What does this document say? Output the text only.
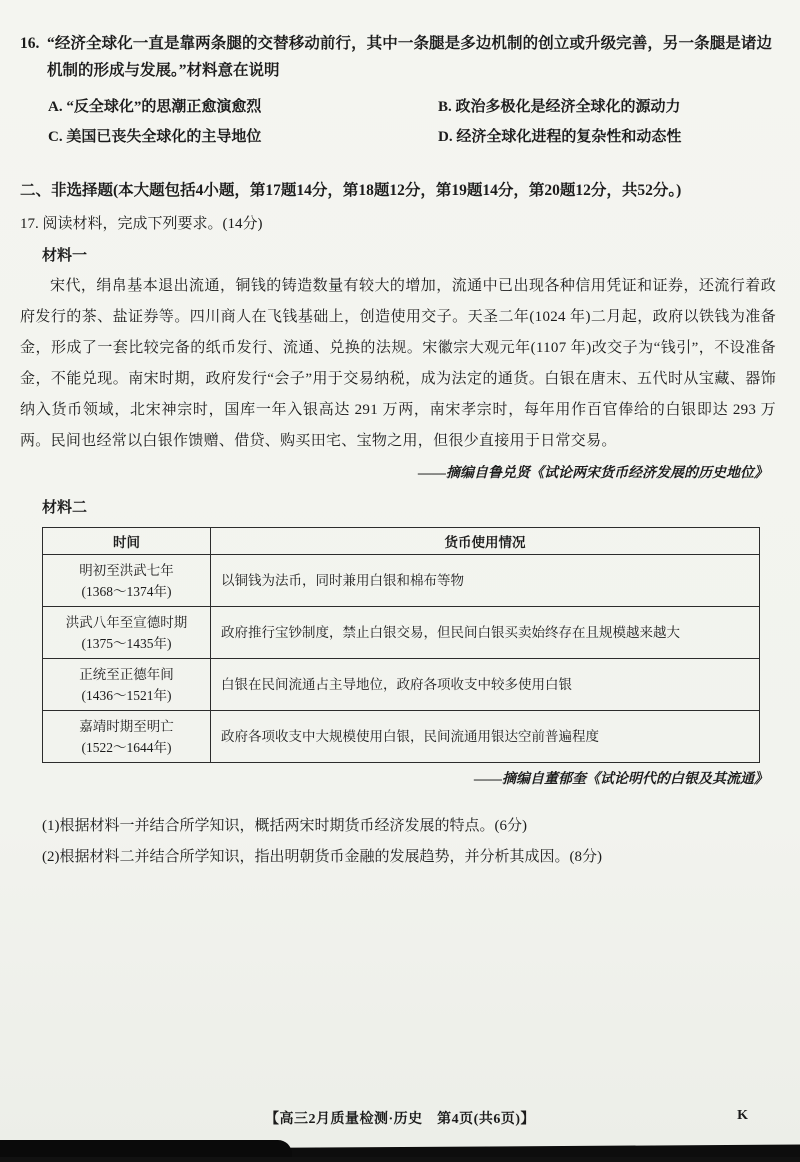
16. “经济全球化一直是靠两条腿的交替移动前行，其中一条腿是多边机制的创立或升级完善，另一条腿是诸边机制的形成与发展。”材料意在说明
A. “反全球化”的思潮正愈演愈烈	B. 政治多极化是经济全球化的源动力
C. 美国已丧失全球化的主导地位	D. 经济全球化进程的复杂性和动态性
二、非选择题(本大题包括4小题，第17题14分，第18题12分，第19题14分，第20题12分，共52分。)
17. 阅读材料，完成下列要求。(14分)
材料一
宋代，绢帛基本退出流通，铜钱的铸造数量有较大的增加，流通中已出现各种信用凭证和证券，还流行着政府发行的茶、盐证券等。四川商人在飞钱基础上，创造使用交子。天圣二年(1024 年)二月起，政府以铁钱为准备金，形成了一套比较完备的纸币发行、流通、兑换的法规。宋徽宗大观元年(1107 年)改交子为“钱引”，不设准备金，不能兑现。南宋时期，政府发行“会子”用于交易纳税，成为法定的通货。白银在唐末、五代时从宝藏、器饰纳入货币领域，北宋神宗时，国库一年入银高达 291 万两，南宋孝宗时，每年用作百官俸给的白银即达 293 万两。民间也经常以白银作馈赠、借贷、购买田宅、宝物之用，但很少直接用于日常交易。
——摘编自鲁兑贤《试论两宋货币经济发展的历史地位》
材料二
时间	货币使用情况

明初至洪武七年
(1368～1374年)	以铜钱为法币，同时兼用白银和棉布等物

洪武八年至宣德时期
(1375～1435年)	政府推行宝钞制度，禁止白银交易，但民间白银买卖始终存在且规模越来越大

正统至正德年间
(1436～1521年)	白银在民间流通占主导地位，政府各项收支中较多使用白银

嘉靖时期至明亡
(1522～1644年)	政府各项收支中大规模使用白银，民间流通用银达空前普遍程度
——摘编自董郁奎《试论明代的白银及其流通》
(1)根据材料一并结合所学知识，概括两宋时期货币经济发展的特点。(6分)
(2)根据材料二并结合所学知识，指出明朝货币金融的发展趋势，并分析其成因。(8分)
【高三2月质量检测·历史　第4页(共6页)】	K
